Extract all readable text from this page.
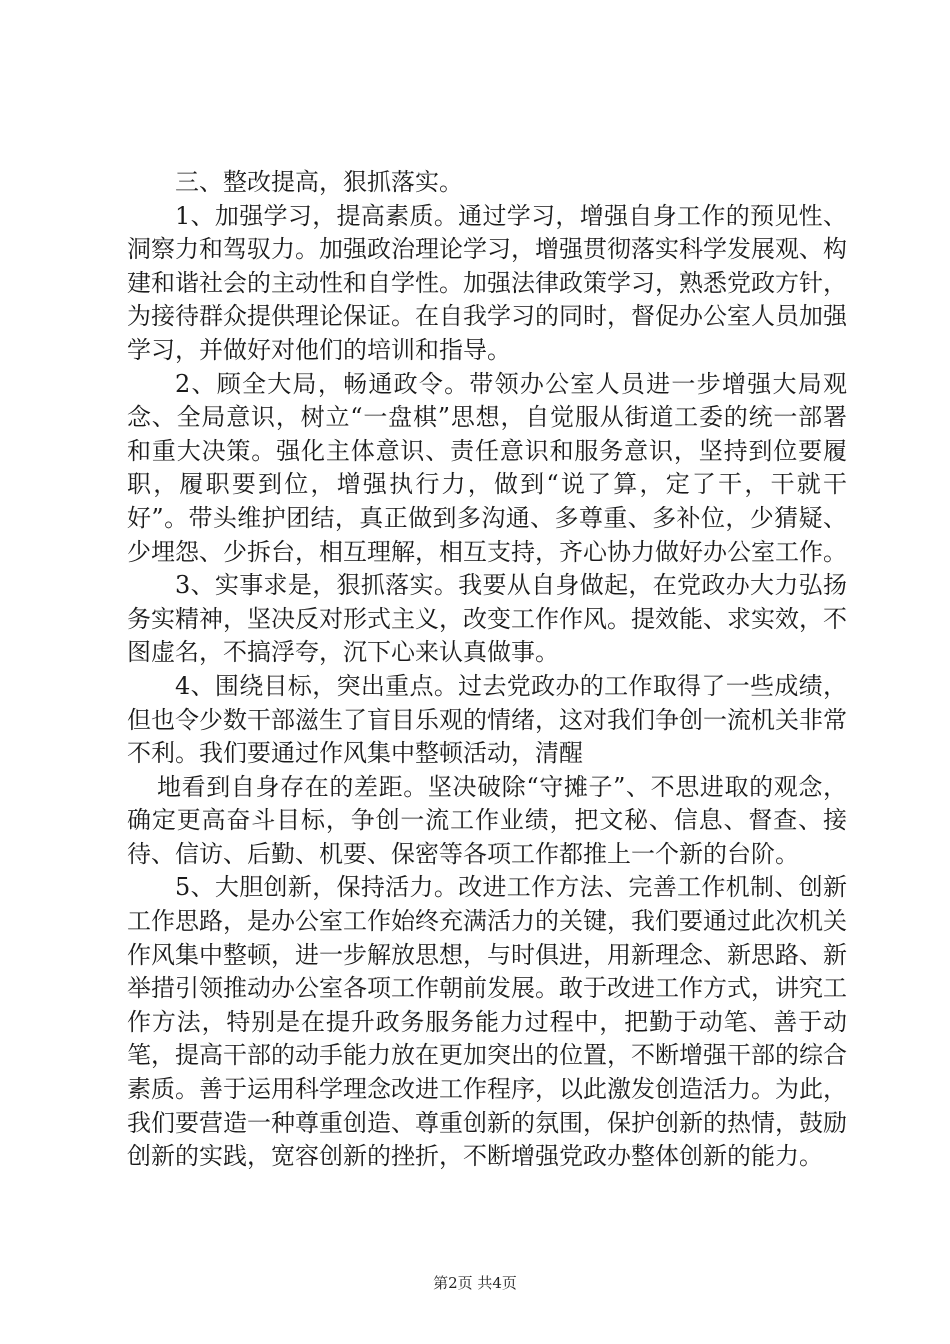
三、整改提高，狠抓落实。

1、加强学习，提高素质。通过学习，增强自身工作的预见性、洞察力和驾驭力。加强政治理论学习，增强贯彻落实科学发展观、构建和谐社会的主动性和自学性。加强法律政策学习，熟悉党政方针，为接待群众提供理论保证。在自我学习的同时，督促办公室人员加强学习，并做好对他们的培训和指导。

2、顾全大局，畅通政令。带领办公室人员进一步增强大局观念、全局意识，树立“一盘棋”思想，自觉服从街道工委的统一部署和重大决策。强化主体意识、责任意识和服务意识，坚持到位要履职，履职要到位，增强执行力，做到“说了算，定了干，干就干好”。带头维护团结，真正做到多沟通、多尊重、多补位，少猜疑、少埋怨、少拆台，相互理解，相互支持，齐心协力做好办公室工作。

3、实事求是，狠抓落实。我要从自身做起，在党政办大力弘扬务实精神，坚决反对形式主义，改变工作作风。提效能、求实效，不图虚名，不搞浮夸，沉下心来认真做事。

4、围绕目标，突出重点。过去党政办的工作取得了一些成绩，但也令少数干部滋生了盲目乐观的情绪，这对我们争创一流机关非常不利。我们要通过作风集中整顿活动，清醒

地看到自身存在的差距。坚决破除“守摊子”、不思进取的观念，确定更高奋斗目标，争创一流工作业绩，把文秘、信息、督查、接待、信访、后勤、机要、保密等各项工作都推上一个新的台阶。

5、大胆创新，保持活力。改进工作方法、完善工作机制、创新工作思路，是办公室工作始终充满活力的关键，我们要通过此次机关作风集中整顿，进一步解放思想，与时俱进，用新理念、新思路、新举措引领推动办公室各项工作朝前发展。敢于改进工作方式，讲究工作方法，特别是在提升政务服务能力过程中，把勤于动笔、善于动笔，提高干部的动手能力放在更加突出的位置，不断增强干部的综合素质。善于运用科学理念改进工作程序，以此激发创造活力。为此，我们要营造一种尊重创造、尊重创新的氛围，保护创新的热情，鼓励创新的实践，宽容创新的挫折，不断增强党政办整体创新的能力。

第2页 共4页
